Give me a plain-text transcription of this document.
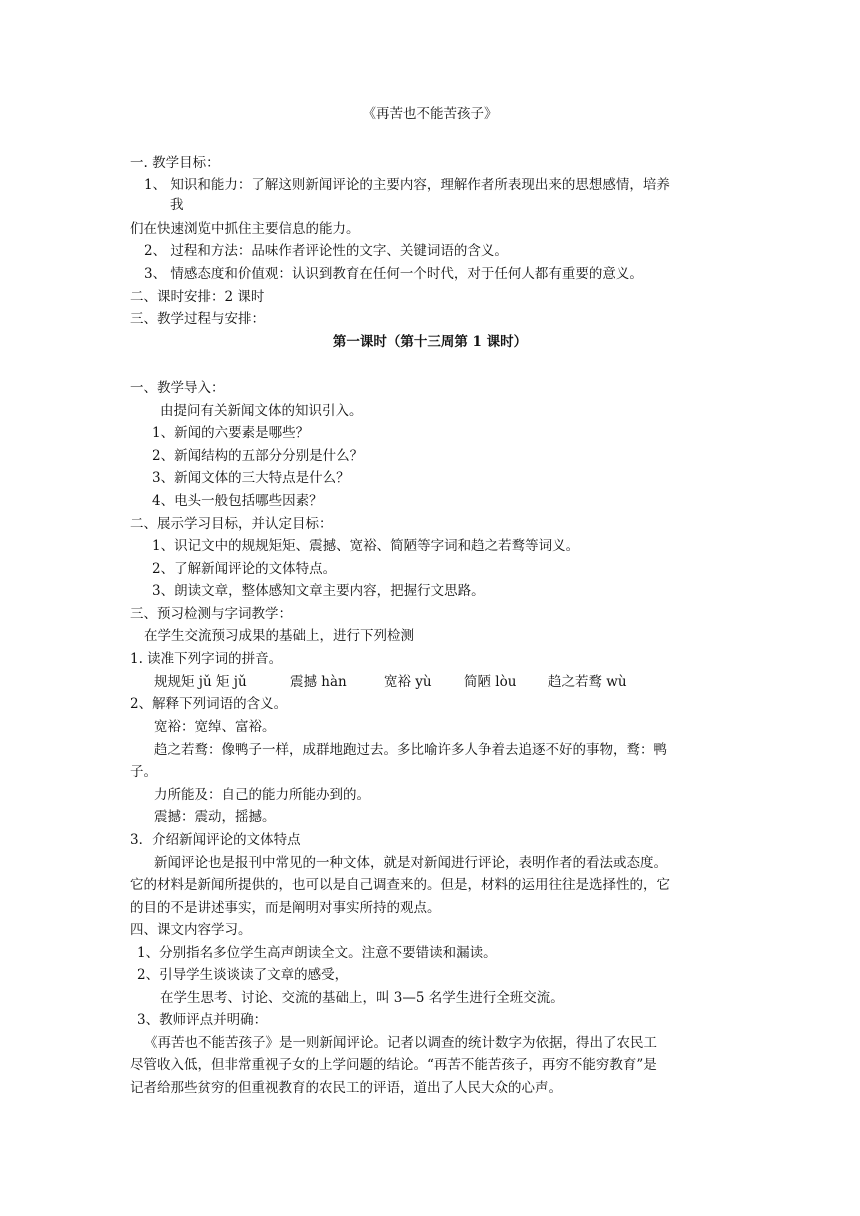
《再苦也不能苦孩子》
一. 教学目标：
1、 知识和能力：了解这则新闻评论的主要内容，理解作者所表现出来的思想感情，培养
我
们在快速浏览中抓住主要信息的能力。
2、 过程和方法：品味作者评论性的文字、关键词语的含义。
3、 情感态度和价值观：认识到教育在任何一个时代，对于任何人都有重要的意义。
二、课时安排：2 课时
三、教学过程与安排：
第一课时（第十三周第 1 课时）
一、教学导入：
由提问有关新闻文体的知识引入。
1、新闻的六要素是哪些？
2、新闻结构的五部分分别是什么？
3、新闻文体的三大特点是什么？
4、电头一般包括哪些因素？
二、展示学习目标，并认定目标：
1、识记文中的规规矩矩、震撼、宽裕、简陋等字词和趋之若鹜等词义。
2、了解新闻评论的文体特点。
3、朗读文章，整体感知文章主要内容，把握行文思路。
三、预习检测与字词教学：
在学生交流预习成果的基础上，进行下列检测
1. 读准下列字词的拼音。
规规矩 jǔ 矩 jǔ	震撼 hàn	宽裕 yù 简陋 lòu 趋之若鹜 wù
2、解释下列词语的含义。
宽裕：宽绰、富裕。
趋之若鹜：像鸭子一样，成群地跑过去。多比喻许多人争着去追逐不好的事物，鹜：鸭
子。
力所能及：自己的能力所能办到的。
震撼：震动，摇撼。
3．介绍新闻评论的文体特点
新闻评论也是报刊中常见的一种文体，就是对新闻进行评论，表明作者的看法或态度。
它的材料是新闻所提供的，也可以是自己调查来的。但是，材料的运用往往是选择性的，它
的目的不是讲述事实，而是阐明对事实所持的观点。
四、课文内容学习。
1、分别指名多位学生高声朗读全文。注意不要错读和漏读。
2、引导学生谈谈读了文章的感受，
在学生思考、讨论、交流的基础上，叫 3—5 名学生进行全班交流。
3、教师评点并明确：
《再苦也不能苦孩子》是一则新闻评论。记者以调查的统计数字为依据，得出了农民工
尽管收入低，但非常重视子女的上学问题的结论。“再苦不能苦孩子，再穷不能穷教育”是
记者给那些贫穷的但重视教育的农民工的评语，道出了人民大众的心声。
